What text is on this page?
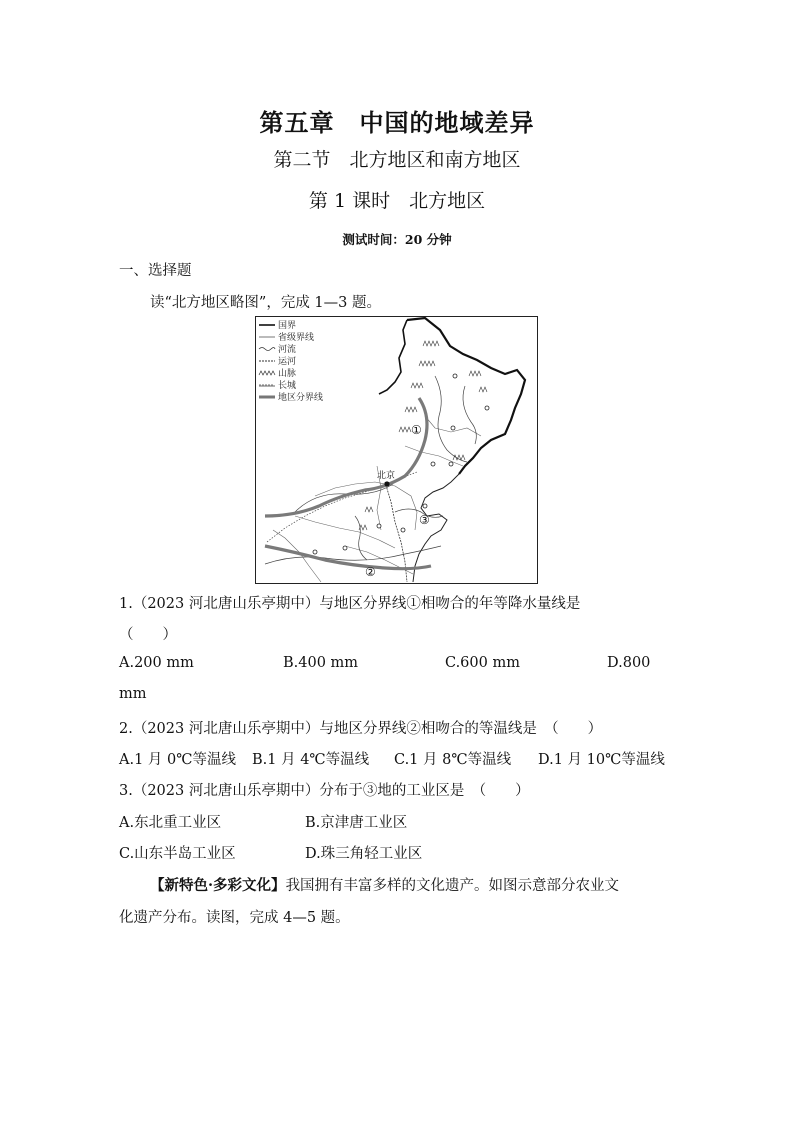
第五章　中国的地域差异
第二节　北方地区和南方地区
第 1 课时　北方地区
测试时间：20 分钟
一、选择题
读“北方地区略图”，完成 1—3 题。
国界
省级界线
河流
运河
山脉
长城
地区分界线
北京
①
②
③
1.（2023 河北唐山乐亭期中）与地区分界线①相吻合的年等降水量线是
（　　）
A.200 mm	B.400 mm	C.600 mm	D.800
mm
2.（2023 河北唐山乐亭期中）与地区分界线②相吻合的等温线是　（　　）
A.1 月 0℃等温线 B.1 月 4℃等温线 C.1 月 8℃等温线 D.1 月 10℃等温线
3.（2023 河北唐山乐亭期中）分布于③地的工业区是　（　　）
A.东北重工业区	B.京津唐工业区
C.山东半岛工业区	D.珠三角轻工业区
【新特色·多彩文化】我国拥有丰富多样的文化遗产。如图示意部分农业文
化遗产分布。读图，完成 4—5 题。
